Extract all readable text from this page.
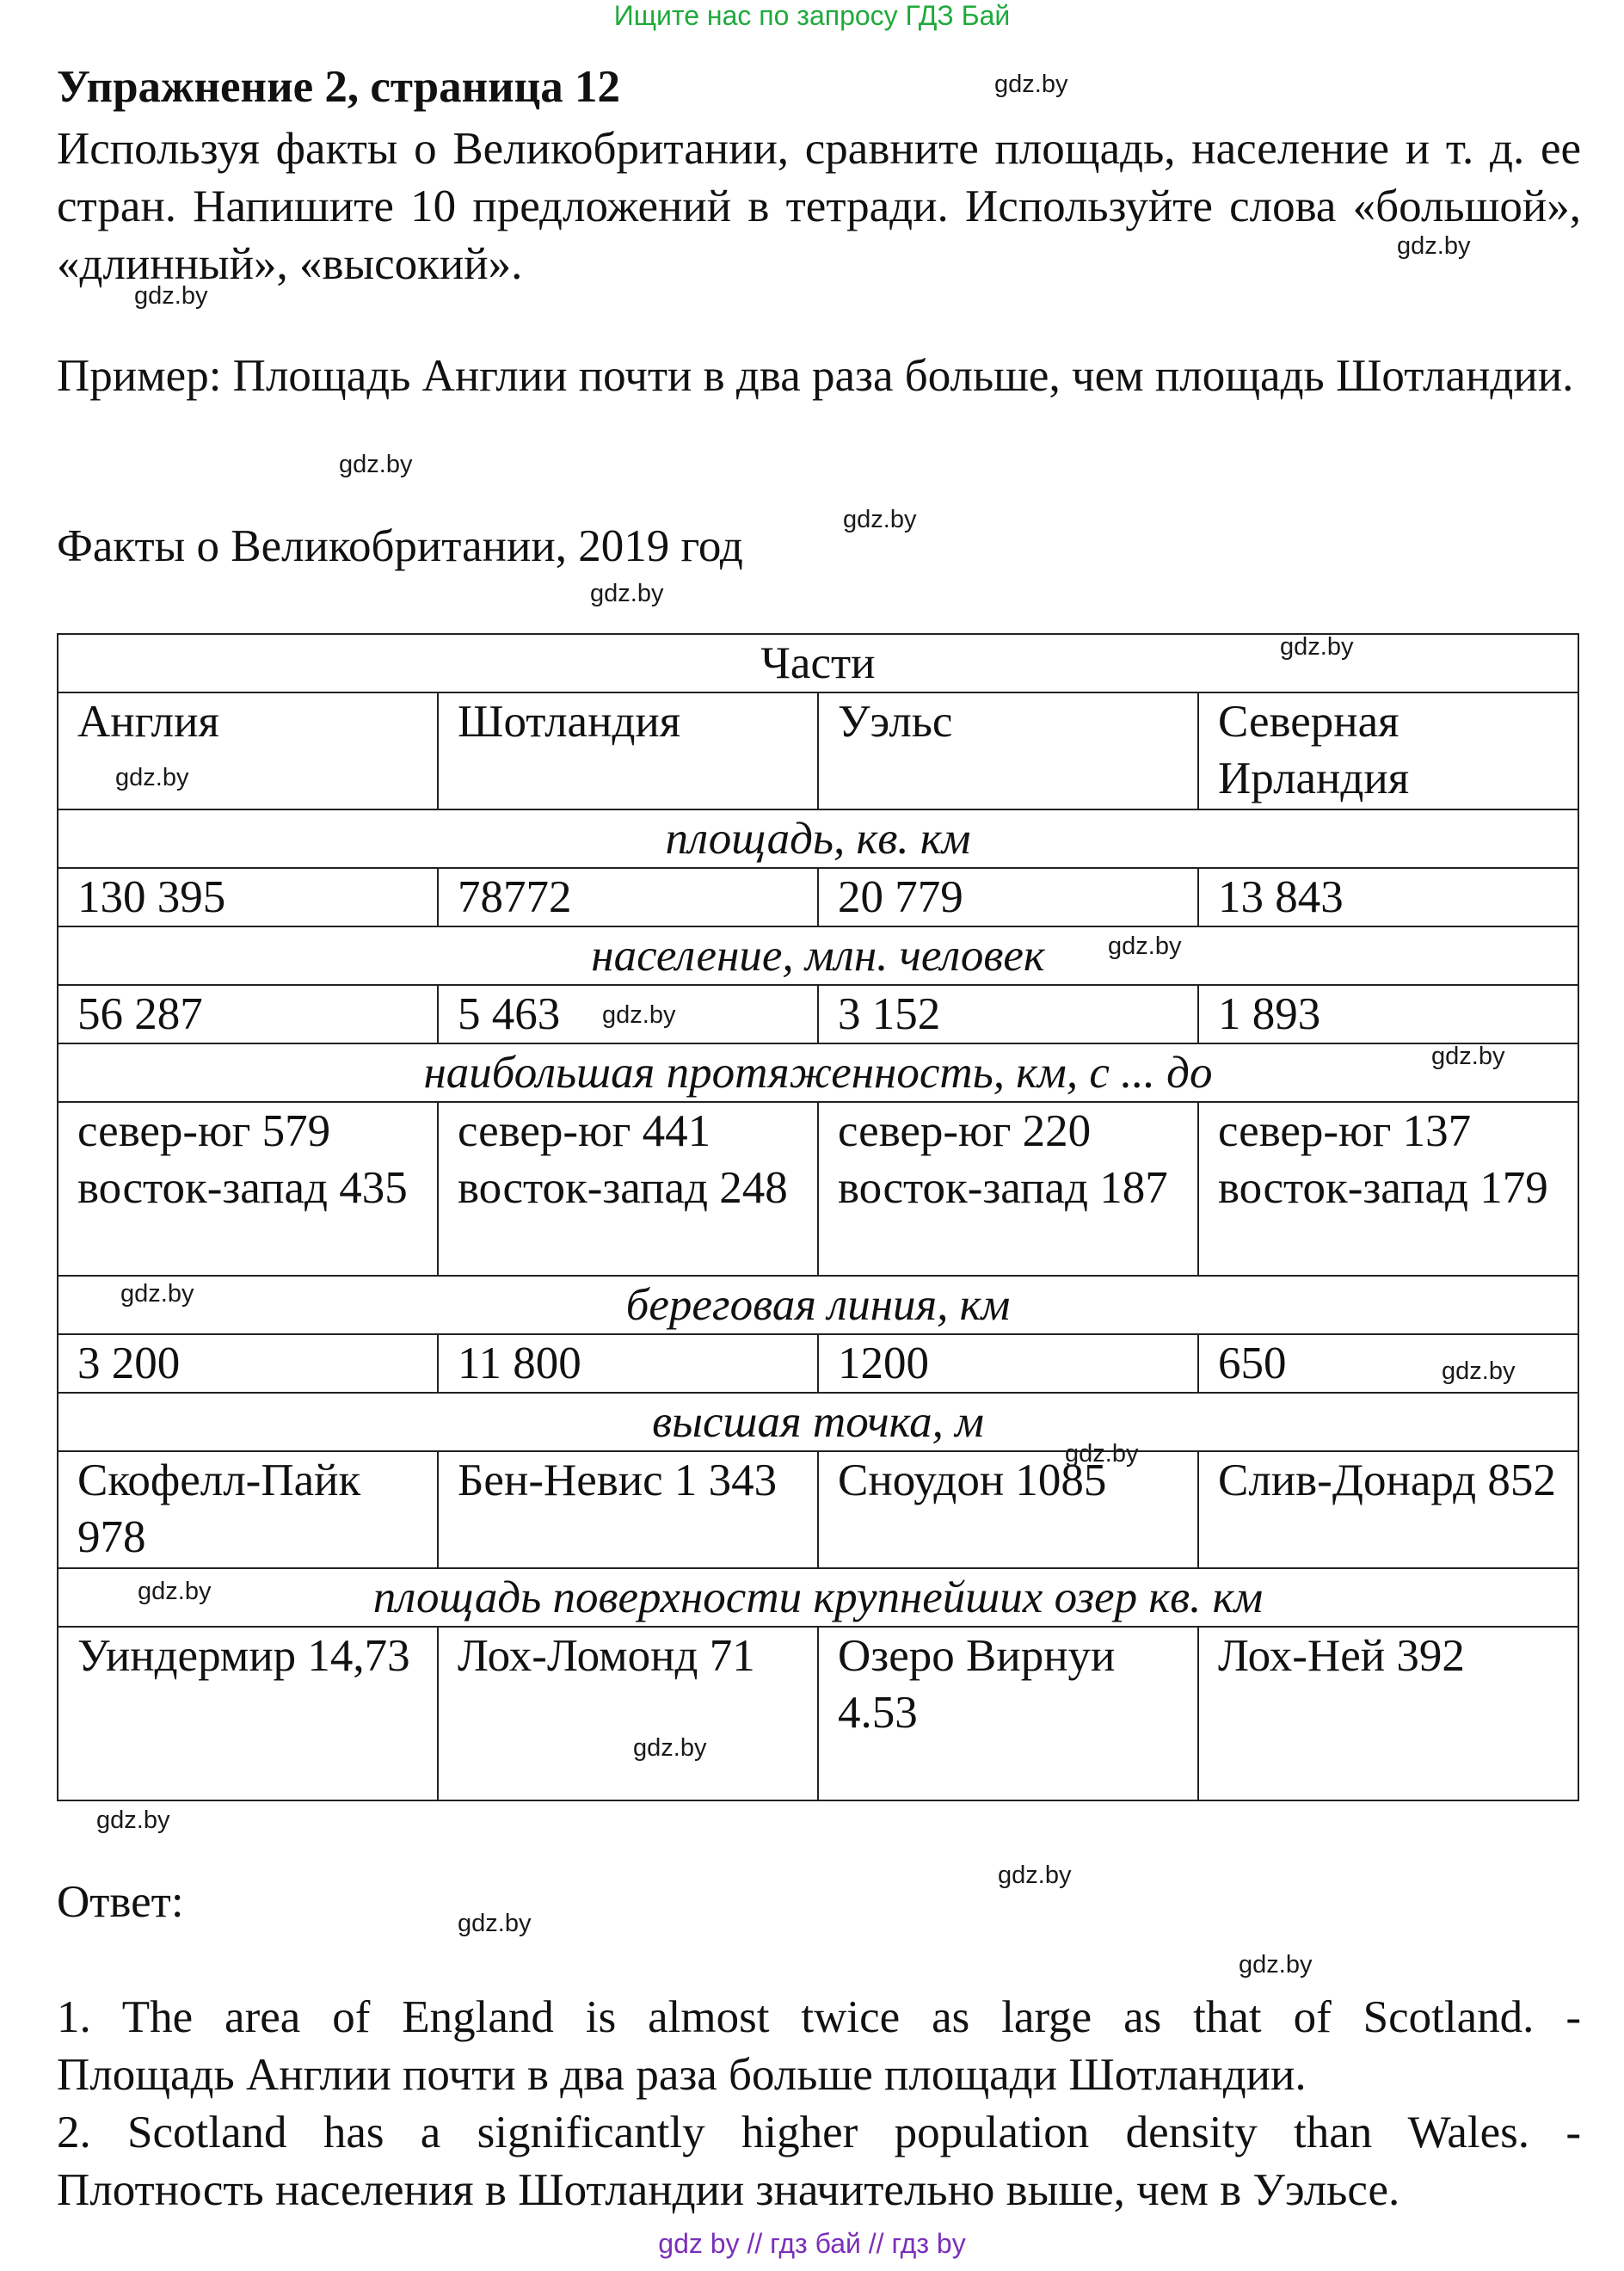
Ищите нас по запросу ГДЗ Бай
Упражнение 2, страница 12
Используя факты о Великобритании, сравните площадь, население и т. д. ее стран. Напишите 10 предложений в тетради. Используйте слова «большой», «длинный», «высокий».
Пример: Площадь Англии почти в два раза больше, чем площадь Шотландии.
Факты о Великобритании, 2019 год
Части			
Англия	Шотландия	Уэльс	Северная Ирландия
площадь, кв. км			
130 395	78772	20 779	13 843
население, млн. человек			
56 287	5 463	3 152	1 893
наибольшая протяженность, км, с ... до			
север-юг 579 восток-запад 435	север-юг 441 восток-запад 248	север-юг 220 восток-запад 187	север-юг 137 восток-запад 179
береговая линия, км			
3 200	11 800	1200	650
высшая точка, м			
Скофелл-Пайк 978	Бен-Невис 1 343	Сноудон 1085	Слив-Донард 852
площадь поверхности крупнейших озер кв. км			
Уиндермир 14,73	Лох-Ломонд 71	Озеро Вирнуи 4.53	Лох-Ней 392
Ответ:
1. The area of England is almost twice as large as that of Scotland. -
Площадь Англии почти в два раза больше площади Шотландии.
2. Scotland has a significantly higher population density than Wales. -
Плотность населения в Шотландии значительно выше, чем в Уэльсе.
gdz.by
gdz.by
gdz.by
gdz.by
gdz.by
gdz.by
gdz.by
gdz.by
gdz.by
gdz.by
gdz.by
gdz.by
gdz.by
gdz.by
gdz.by
gdz.by
gdz.by
gdz.by
gdz.by
gdz.by
gdz by // гдз бай // гдз by
